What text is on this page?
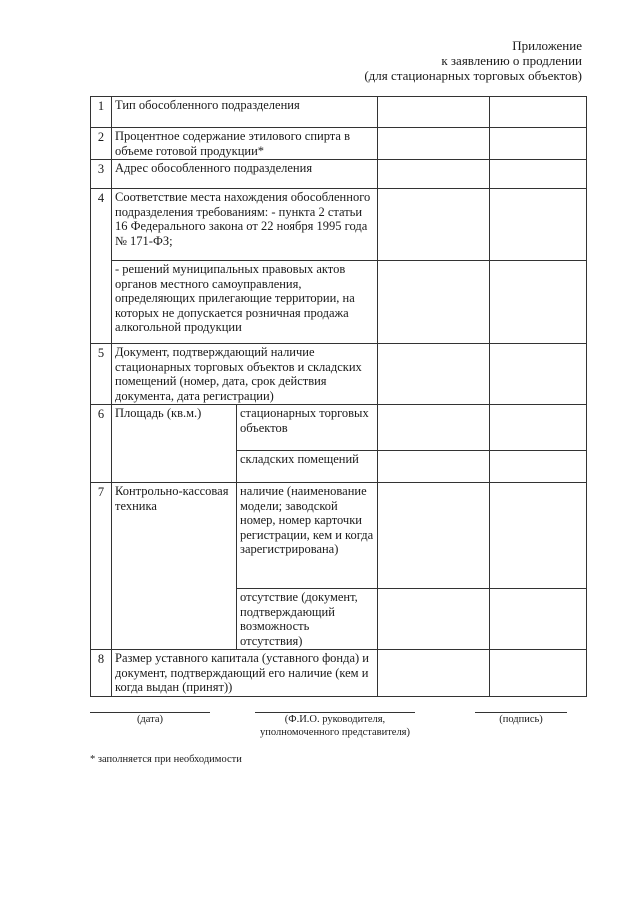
Приложение
к заявлению о продлении
(для стационарных торговых объектов)
1	Тип обособленного подразделения			
2	Процентное содержание этилового спирта в объеме готовой продукции*			
3	Адрес обособленного подразделения			
4	Соответствие места нахождения обособленного подразделения требованиям: - пункта 2 статьи 16 Федерального закона от 22 ноября 1995 года № 171-ФЗ;			
	- решений муниципальных правовых актов органов местного самоуправления, определяющих прилегающие территории, на которых не допускается розничная продажа алкогольной продукции			
5	Документ, подтверждающий наличие стационарных торговых объектов и складских помещений (номер, дата, срок действия документа, дата регистрации)			
6	Площадь (кв.м.)	стационарных торговых объектов		
		складских помещений		
7	Контрольно-кассовая техника	наличие (наименование модели; заводской номер, номер карточки регистрации, кем и когда зарегистрирована)		
		отсутствие (документ, подтверждающий возможность отсутствия)		
8	Размер уставного капитала (уставного фонда) и документ, подтверждающий его наличие (кем и когда выдан (принят))			
(дата)	(Ф.И.О. руководителя,
уполномоченного представителя)
(подпись)
* заполняется при необходимости
